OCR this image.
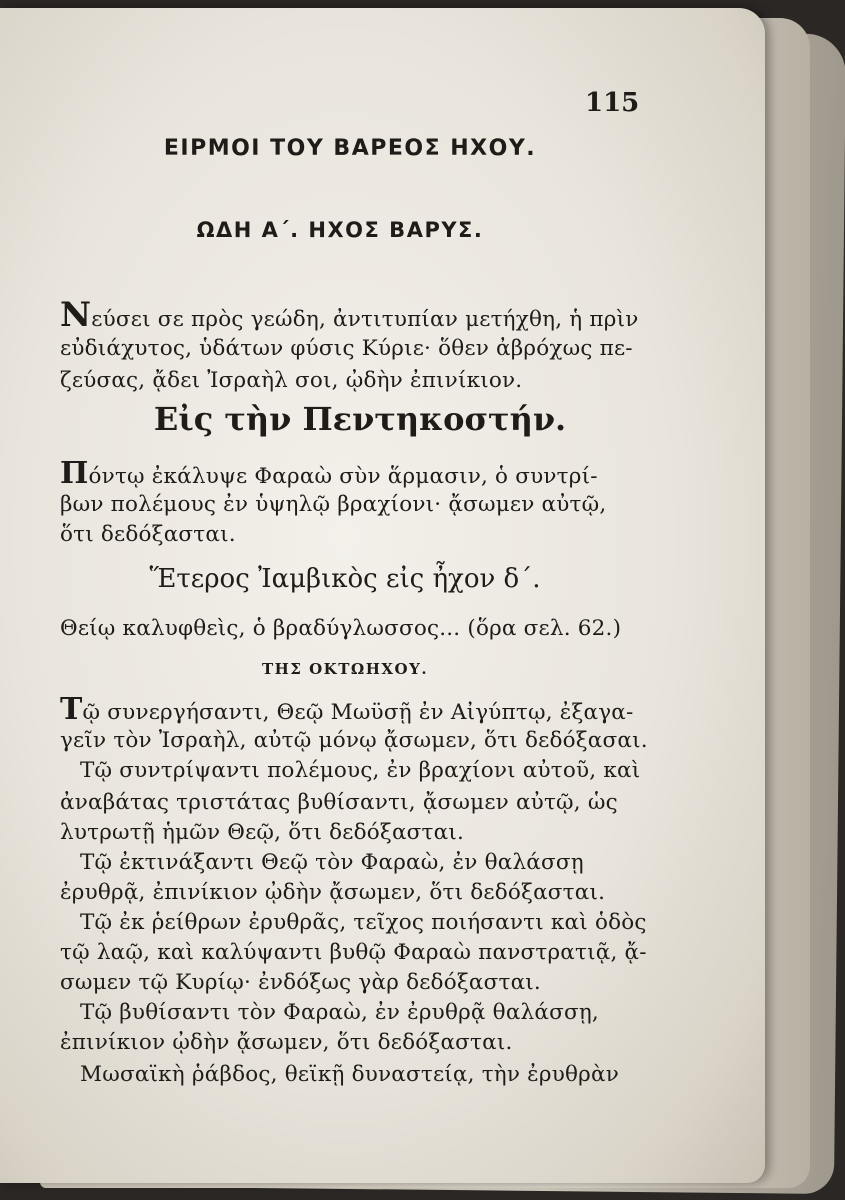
115
ΕΙΡΜΟΙ ΤΟΥ ΒΑΡΕΟΣ ΗΧΟΥ.
ΩΔΗ Α΄. ΗΧΟΣ ΒΑΡΥΣ.
Νεύσει σε πρὸς γεώδη, ἀντιτυπίαν μετήχθη, ἡ πρὶν
εὐδιάχυτος, ὑδάτων φύσις Κύριε· ὅθεν ἀβρόχως πε-
ζεύσας, ᾄδει Ἰσραὴλ σοι, ᾠδὴν ἐπινίκιον.
Εἰς τὴν Πεντηκοστήν.
Πόντῳ ἐκάλυψε Φαραὼ σὺν ἅρμασιν, ὁ συντρί-
βων πολέμους ἐν ὑψηλῷ βραχίονι· ᾄσωμεν αὐτῷ,
ὅτι δεδόξασται.
Ἕτερος Ἰαμβικὸς εἰς ἦχον δ΄.
Θείῳ καλυφθεὶς, ὁ βραδύγλωσσος... (ὅρα σελ. 62.)
ΤΗΣ ΟΚΤΩΗΧΟΥ.
Τῷ συνεργήσαντι, Θεῷ Μωϋσῇ ἐν Αἰγύπτῳ, ἐξαγα-
γεῖν τὸν Ἰσραὴλ, αὐτῷ μόνῳ ᾄσωμεν, ὅτι δεδόξασαι.
Τῷ συντρίψαντι πολέμους, ἐν βραχίονι αὐτοῦ, καὶ
ἀναβάτας τριστάτας βυθίσαντι, ᾄσωμεν αὐτῷ, ὡς
λυτρωτῇ ἡμῶν Θεῷ, ὅτι δεδόξασται.
Τῷ ἐκτινάξαντι Θεῷ τὸν Φαραὼ, ἐν θαλάσσῃ
ἐρυθρᾷ, ἐπινίκιον ᾠδὴν ᾄσωμεν, ὅτι δεδόξασται.
Τῷ ἐκ ῥείθρων ἐρυθρᾶς, τεῖχος ποιήσαντι καὶ ὁδὸς
τῷ λαῷ, καὶ καλύψαντι βυθῷ Φαραὼ πανστρατιᾷ, ᾄ-
σωμεν τῷ Κυρίῳ· ἐνδόξως γὰρ δεδόξασται.
Τῷ βυθίσαντι τὸν Φαραὼ, ἐν ἐρυθρᾷ θαλάσσῃ,
ἐπινίκιον ᾠδὴν ᾄσωμεν, ὅτι δεδόξασται.
Μωσαϊκὴ ῥάβδος, θεϊκῇ δυναστείᾳ, τὴν ἐρυθρὰν
